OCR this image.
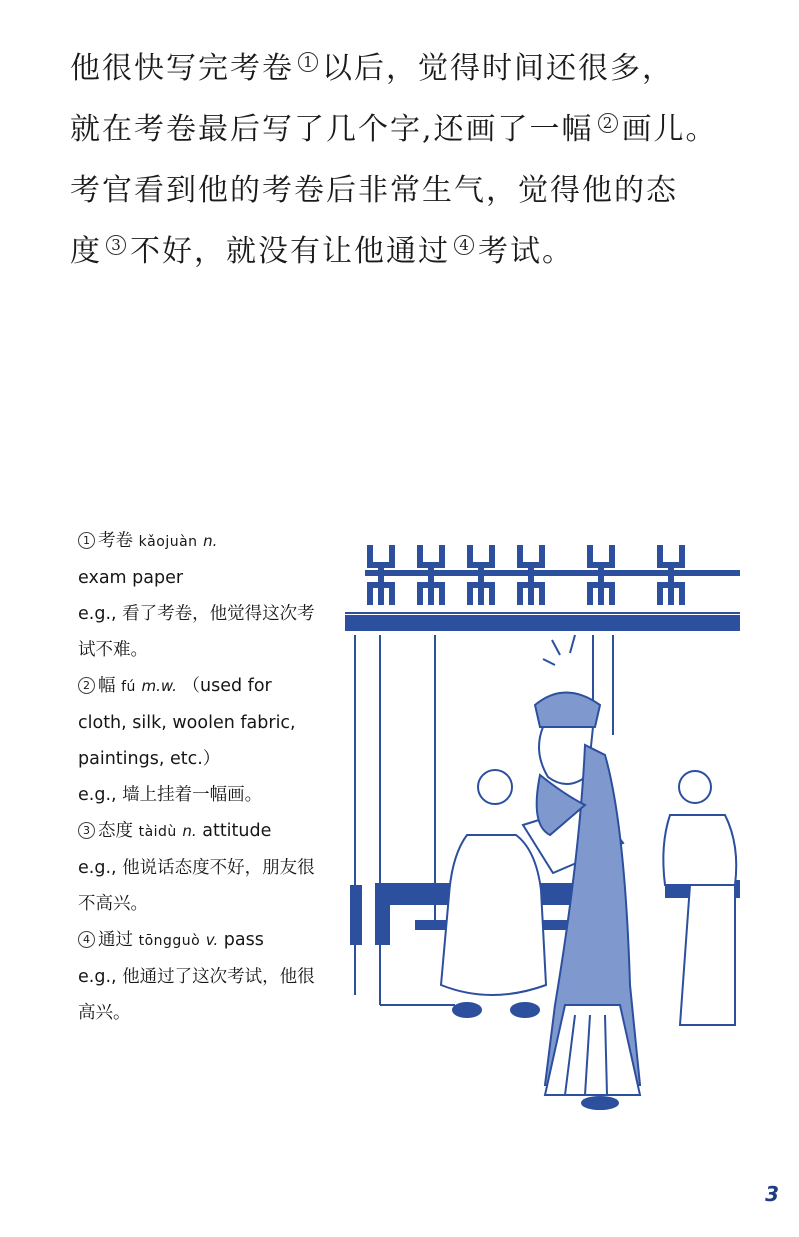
他很快写完考卷 1 以后，觉得时间还很多，

就在考卷最后写了几个字,还画了一幅 2 画儿。

考官看到他的考卷后非常生气，觉得他的态

度 3 不好，就没有让他通过 4 考试。

1 考卷 kǎojuàn n.

exam paper

e.g., 看了考卷，他觉得这次考

试不难。

2 幅 fú m.w. （used for

cloth, silk, woolen fabric,

paintings, etc.）

e.g., 墙上挂着一幅画。

3 态度 tàidù n. attitude

e.g., 他说话态度不好，朋友很

不高兴。

4 通过 tōngguò v. pass

e.g., 他通过了这次考试，他很

高兴。

3
